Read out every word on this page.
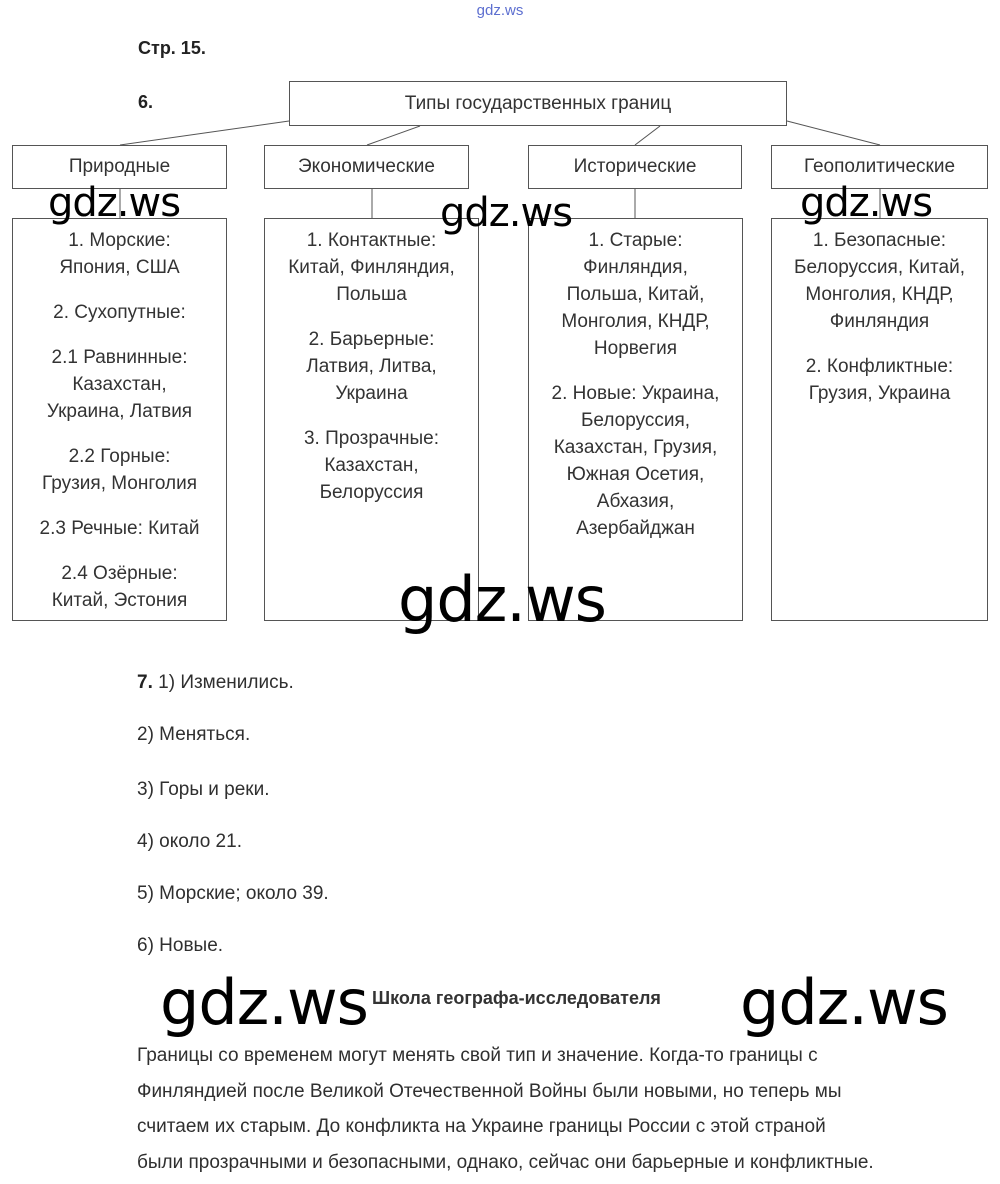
gdz.ws
Стр. 15.
6.	Типы государственных границ
Природные	Экономические	Исторические	Геополитические
1. Морские:
Япония, США
2. Сухопутные:
2.1 Равнинные:
Казахстан,
Украина, Латвия
2.2 Горные:
Грузия, Монголия
2.3 Речные: Китай
2.4 Озёрные:
Китай, Эстония
1. Контактные:
Китай, Финляндия,
Польша
2. Барьерные:
Латвия, Литва,
Украина
3. Прозрачные:
Казахстан,
Белоруссия
1. Старые:
Финляндия,
Польша, Китай,
Монголия, КНДР,
Норвегия
2. Новые: Украина,
Белоруссия,
Казахстан, Грузия,
Южная Осетия,
Абхазия,
Азербайджан
1. Безопасные:
Белоруссия, Китай,
Монголия, КНДР,
Финляндия
2. Конфликтные:
Грузия, Украина
7. 1) Изменились.
2) Меняться.
3) Горы и реки.
4) около 21.
5) Морские; около 39.
6) Новые.
Школа географа-исследователя
Границы со временем могут менять свой тип и значение. Когда-то границы с
Финляндией после Великой Отечественной Войны были новыми, но теперь мы
считаем их старым. До конфликта на Украине границы России с этой страной
были прозрачными и безопасными, однако, сейчас они барьерные и конфликтные.
gdz.ws	gdz.ws	gdz.ws
gdz.ws
gdz.ws	gdz.ws
